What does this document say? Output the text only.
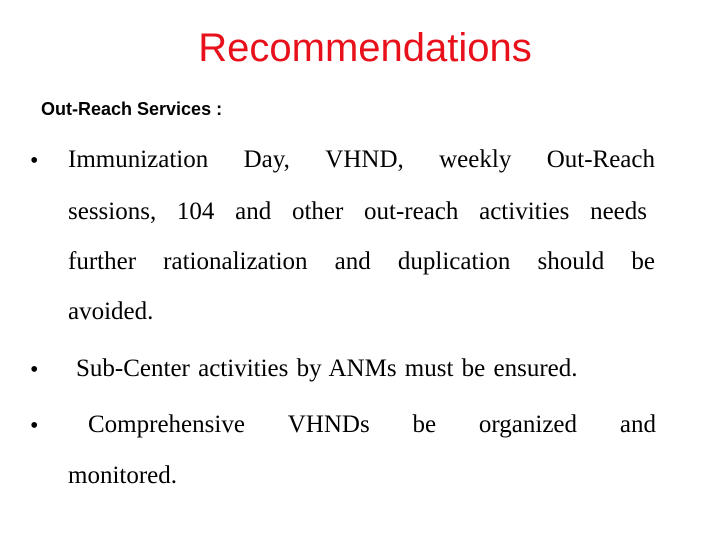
Recommendations
Out-Reach Services :
• Immunization Day, VHND, weekly Out-Reach
sessions, 104 and other out-reach activities needs
further rationalization and duplication should be
avoided.
• Sub-Center activities by ANMs must be ensured.
• Comprehensive VHNDs be organized and
monitored.
